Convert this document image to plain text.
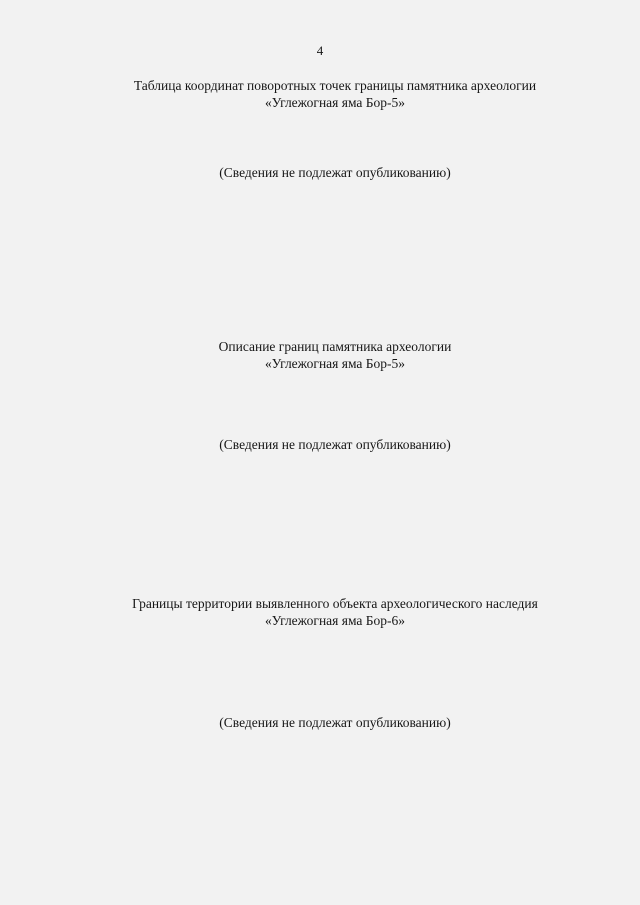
4
Таблица координат поворотных точек границы памятника археологии
«Углежогная яма Бор-5»
(Сведения не подлежат опубликованию)
Описание границ памятника археологии
«Углежогная яма Бор-5»
(Сведения не подлежат опубликованию)
Границы территории выявленного объекта археологического наследия
«Углежогная яма Бор-6»
(Сведения не подлежат опубликованию)
